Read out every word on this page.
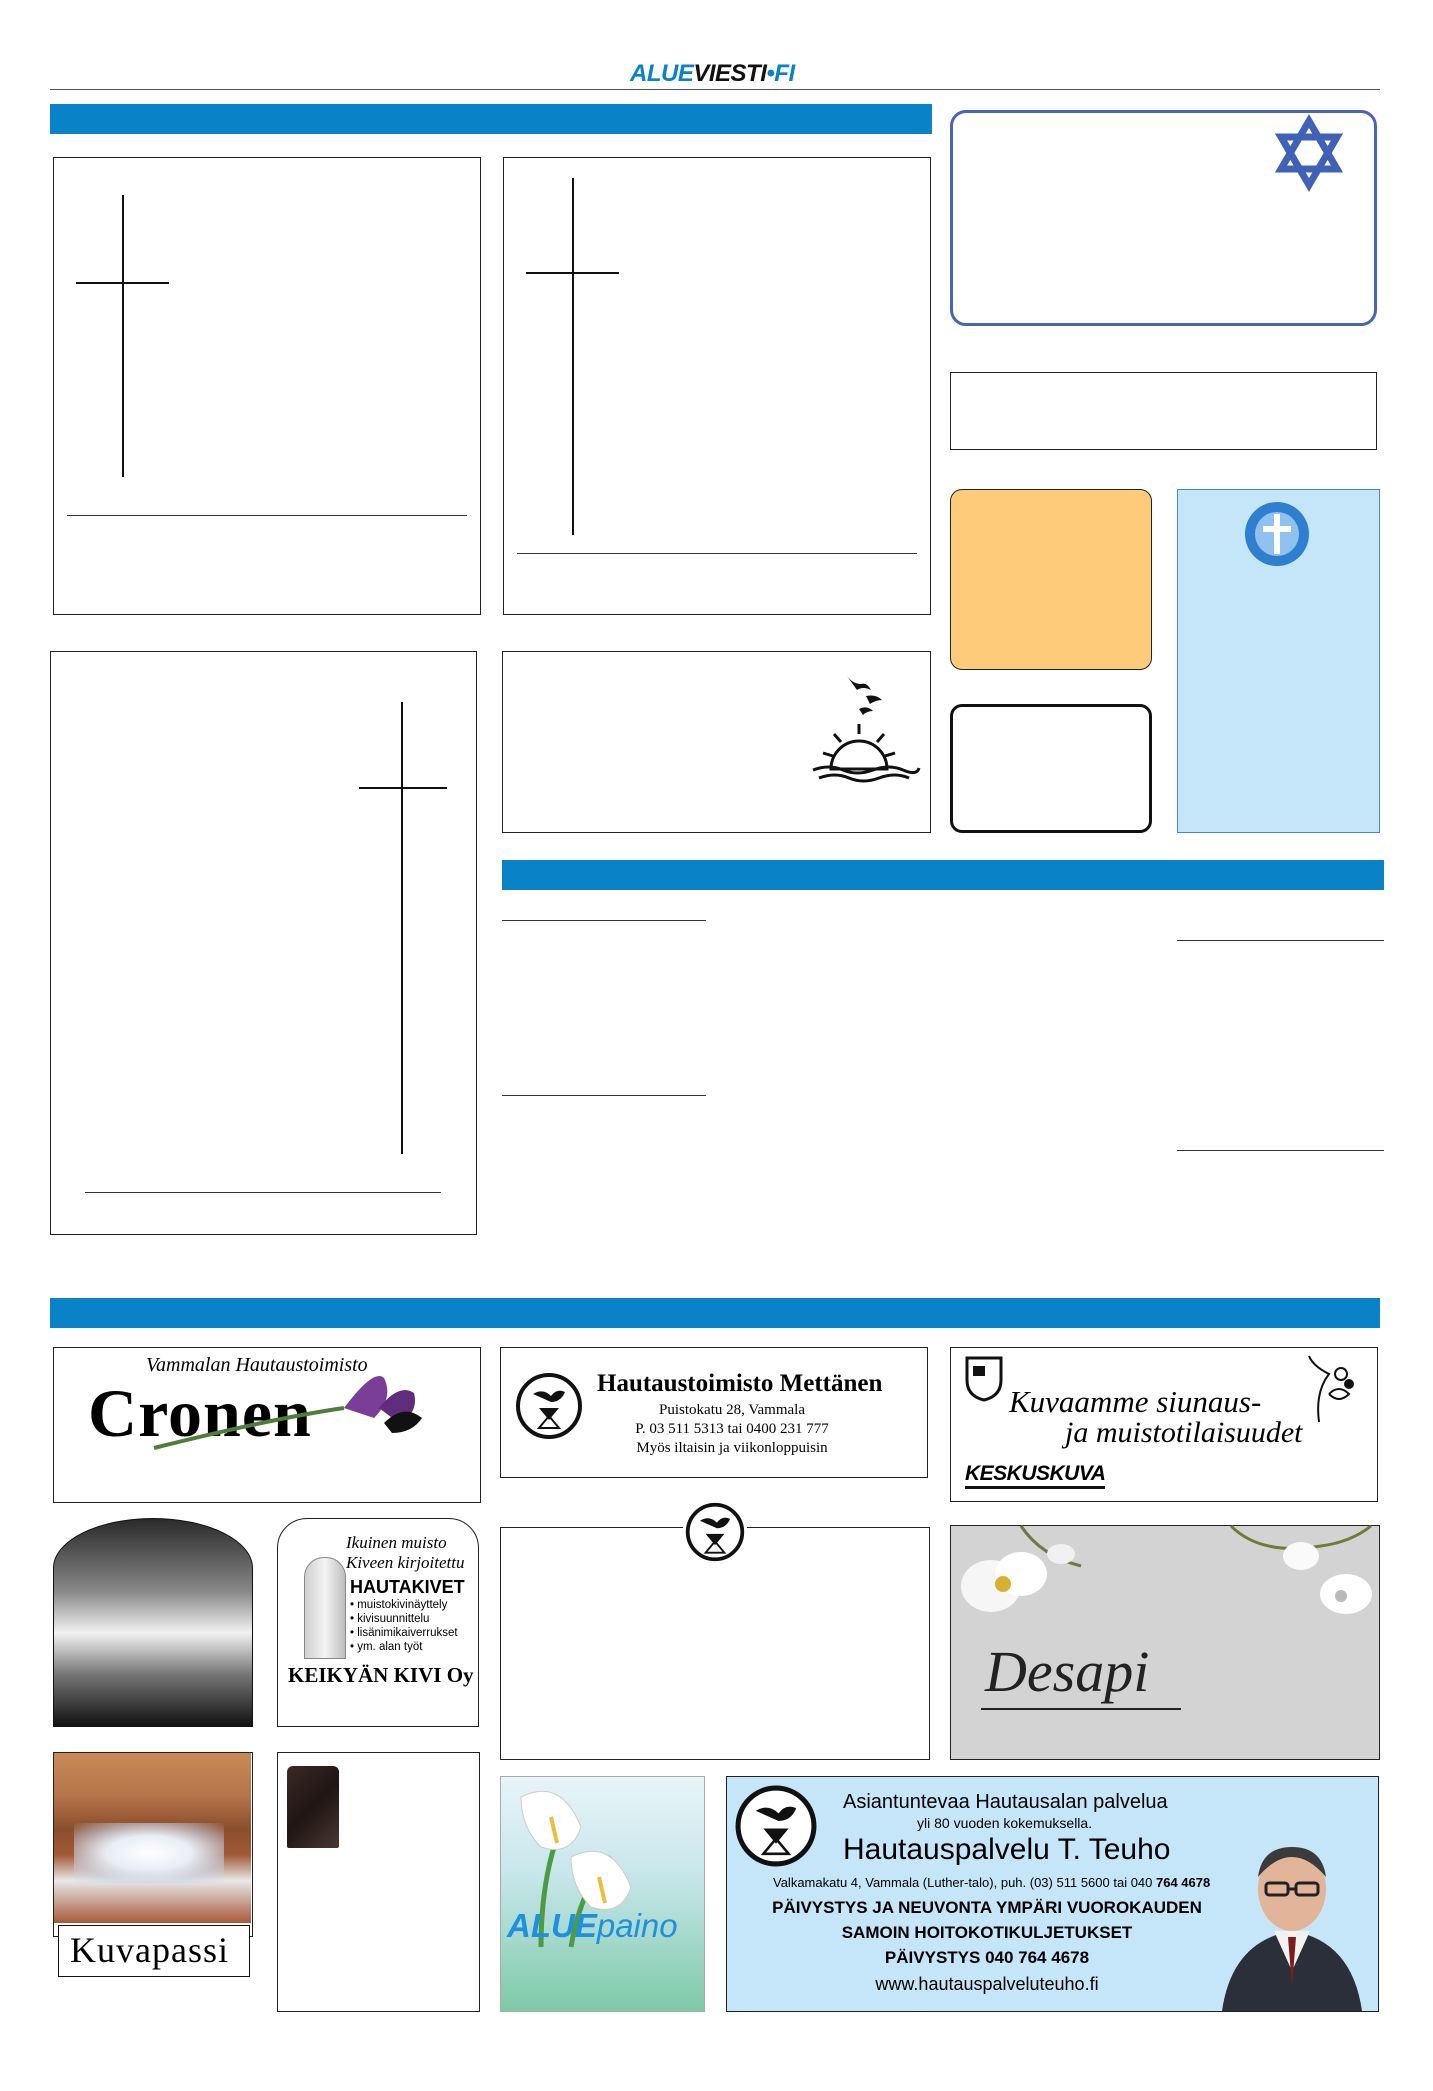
ALUEVIESTI•FI
Vammalan Hautaustoimisto
Cronen	Hautaustoimisto Mettänen
Puistokatu 28, Vammala
P. 03 511 5313 tai 0400 231 777
Myös iltaisin ja viikonloppuisin
Kuvaamme siunaus-
ja muistotilaisuudet
KESKUSKUVA
Ikuinen muisto
Kiveen kirjoitettu
HAUTAKIVET
• muistokivinäyttely
• kivisuunnittelu
• lisänimikaiverrukset
• ym. alan työt
KEIKYÄN KIVI Oy	Desapi
Kuvapassi
ALUEpaino
Asiantuntevaa Hautausalan palvelua
yli 80 vuoden kokemuksella.
Hautauspalvelu T. Teuho
Valkamakatu 4, Vammala (Luther-talo), puh. (03) 511 5600 tai 040 764 4678
PÄIVYSTYS JA NEUVONTA YMPÄRI VUOROKAUDEN
SAMOIN HOITOKOTIKULJETUKSET
PÄIVYSTYS 040 764 4678
www.hautauspalveluteuho.fi
